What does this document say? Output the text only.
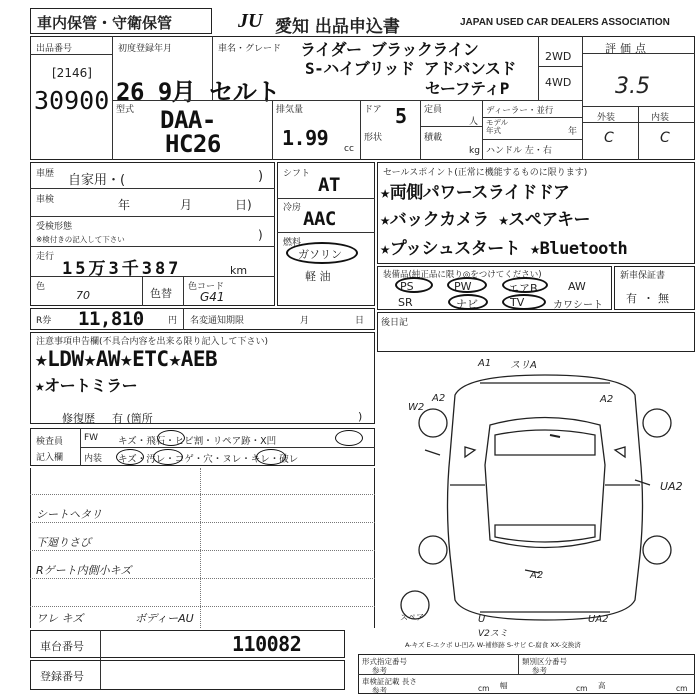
車内保管・守衛保管	JU 愛知 出品申込書	JAPAN USED CAR DEALERS ASSOCIATION
出品番号
[2146]
30900
初度登録年月
26 9月 セルト
車名・グレード ライダー ブラックライン
S-ハイブリッド アドバンスド
セーフティP
2WD
4WD
評価点
3.5
外装	内装
C	C
型式 DAA-
HC26
排気量
1.99 cc
ドア 5
形状
定員
人
積載
kg
ディーラー・並行
モデル年式	年
ハンドル 左・右
車歴 自家用・(	)
車検	年	月	日)
受検形態
※検付きの記入して下さい	)
走行
15万3千387	km
色
70	色替 色コード
G41
シフト AT
冷房 AAC
燃料
ガソリン
軽 油
セールスポイント(正常に機能するものに限ります)
★両側パワースライドドア
★バックカメラ ★スペアキー
★プッシュスタート ★Bluetooth
装備品(純正品に限り◎をつけてください)
PS	PW	エアB	AW
SR	ナビ	TV	カワシート
新車保証書
有 ・ 無
R券 11,810	円 名変通知期限	月	日
注意事項申告欄(不具合内容を出来る限り記入して下さい)
★LDW★AW★ETC★AEB
★オートミラー
修復歴 有 (箇所	)
後日記
検査員
記入欄
FW キズ・飛石・ヒビ割・リペア跡・X凹
内装 キズ・汚レ・コゲ・穴・ヌレ・キレ・破レ
シートヘタリ
下廻りさび
Rゲート内側小キズ
ワレ キズ	ボディーAU
A1 スリA
W2
A2	A2
UA2
A2
U
V2スミ
UA2
スペア
A-キズ E-エクボ U-凹み W-補修跡 S-サビ C-腐食 XX-交換済
車台番号	110082
登録番号
形式指定番号
参考
類別区分番号
参考
車検証記載 長さ
参考	cm 幅	cm 高	cm
